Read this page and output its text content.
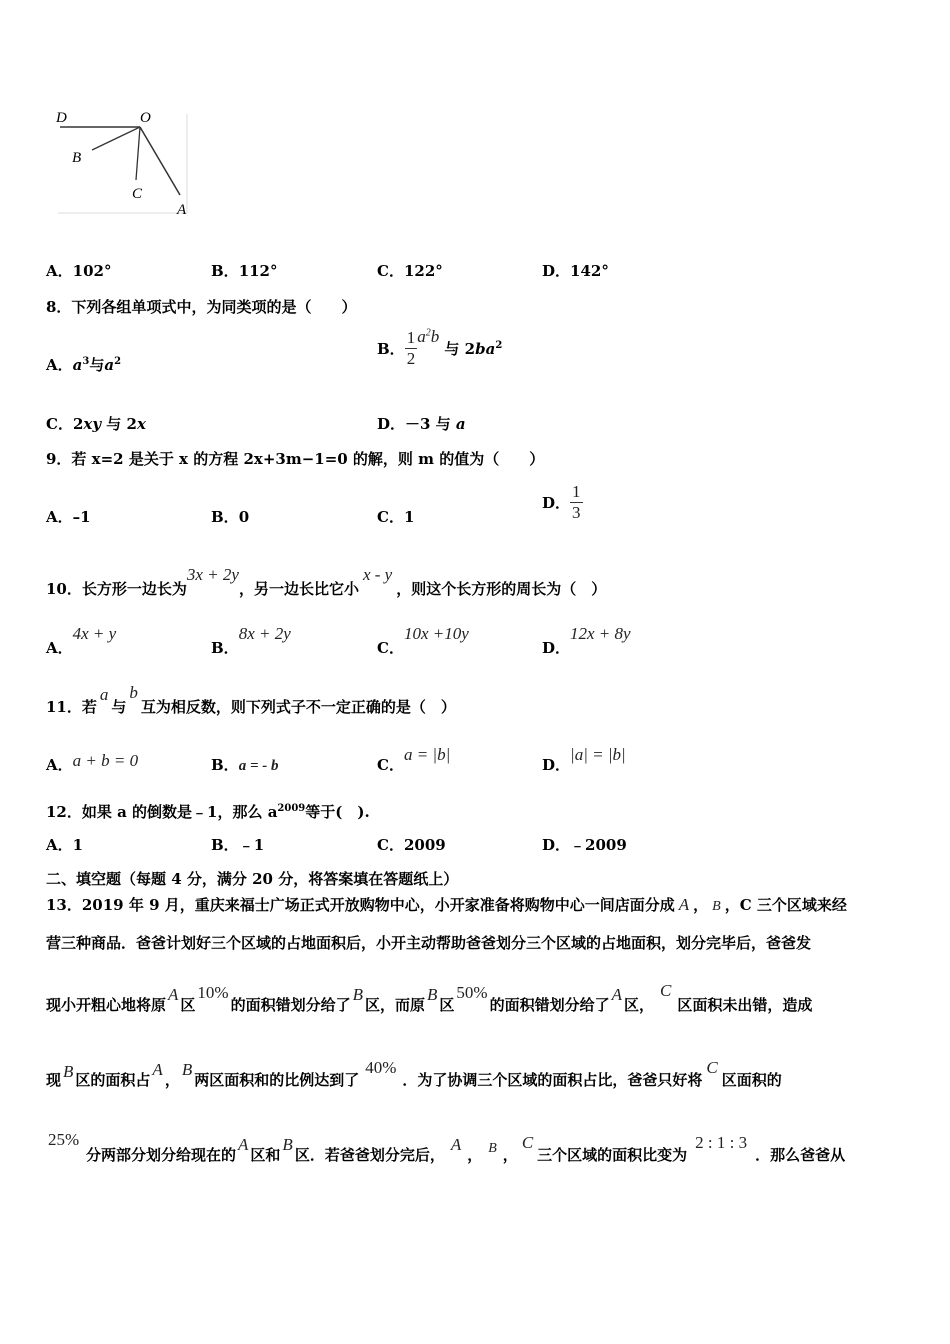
D	O
B
C
A
A．102°	B．112°	C．122°	D．142°
8．下列各组单项式中，为同类项的是（　　）
A．$a^3$与$a^2$
B． $\frac{1}{2} a^2b$ 与 $2ba^2$
C．2xy 与 2x	D．－3 与 a
9．若 x=2 是关于 x 的方程 2x+3m−1=0 的解，则 m 的值为（　　）
A．–1	B．0	C．1
D． $\frac{1}{3}$
10．长方形一边长为3x + 2y，另一边长比它小x - y，则这个长方形的周长为（　）
A．4x + y
B．8x + 2y
C．10x +10y
D．12x + 8y
11．若a与b互为相反数，则下列式子不一定正确的是（　）
A．a + b = 0	B．a = - b	C．a = |b|
D．|a| = |b|
12．如果 a 的倒数是﹣1，那么 $a^{2009}$等于(　).
A．1	B．﹣1	C．2009	D．﹣2009
二、填空题（每题 4 分，满分 20 分，将答案填在答题纸上）
13．2019 年 9 月，重庆来福士广场正式开放购物中心，小开家准备将购物中心一间店面分成 A ， B ，C 三个区域来经
营三种商品．爸爸计划好三个区域的占地面积后，小开主动帮助爸爸划分三个区域的占地面积，划分完毕后，爸爸发
现小开粗心地将原A区10%的面积错划分给了B区，而原B区50%的面积错划分给了A区，C区面积未出错，造成
现 B 区的面积占A，B两区面积和的比例达到了40%．为了协调三个区域的面积占比，爸爸只好将C区面积的
25%
分两部分划分给现在的A区和B区．若爸爸划分完后，A， B ，C三个区域的面积比变为2 : 1 : 3．那么爸爸从
